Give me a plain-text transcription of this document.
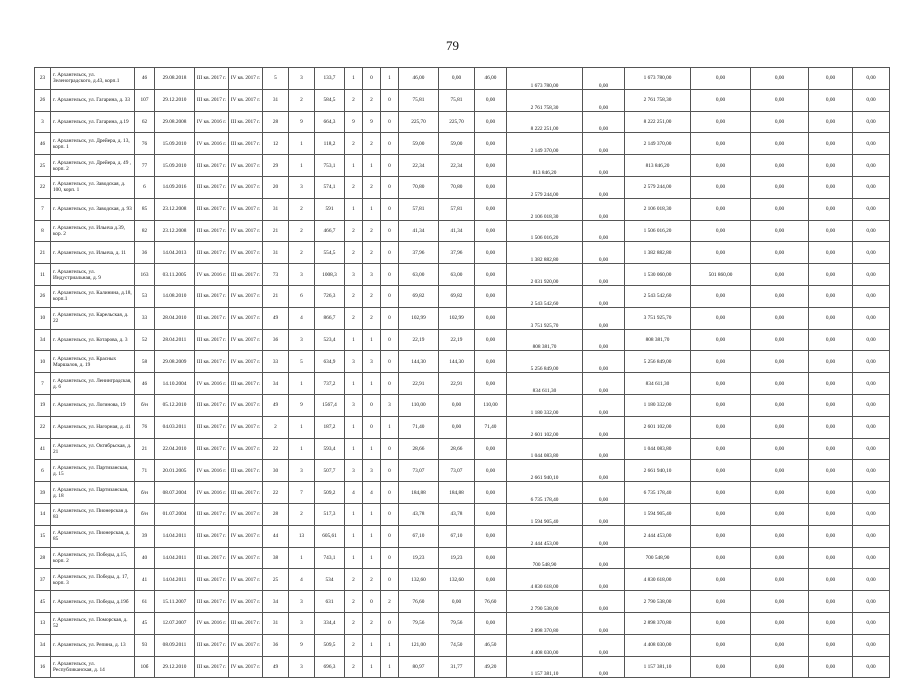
79
23	г. Архангельск, ул. Зеленоградского, д.43, корп.1	46	29.08.2018	III кв. 2017 г.	IV кв. 2017 г.	5	3	133,7	1	0	1	46,00	0,00	46,00	1 673 780,00	0,00	1 673 780,00	0,00	0,00	0,00	0,00
26	г. Архангельск, ул. Гагарина, д. 33	107	29.12.2010	III кв. 2017 г.	IV кв. 2017 г.	31	2	584,5	2	2	0	75,81	75,81	0,00	2 761 758,30	0,00	2 761 758,30	0,00	0,00	0,00	0,00
3	г. Архангельск, ул. Гагарина, д.19	62	29.08.2008	IV кв. 2016 г.	III кв. 2017 г.	28	9	664,3	9	9	0	225,70	225,70	0,00	8 222 251,00	0,00	8 222 251,00	0,00	0,00	0,00	0,00
46	г. Архангельск, ул. Дрейера, д. 13, корп. 1	76	15.09.2010	IV кв. 2016 г.	III кв. 2017 г.	12	1	118,2	2	2	0	59,00	59,00	0,00	2 149 370,00	0,00	2 149 370,00	0,00	0,00	0,00	0,00
25	г. Архангельск, ул. Дрейера, д. 49 , корп. 2	77	15.09.2010	III кв. 2017 г.	IV кв. 2017 г.	29	1	753,1	1	1	0	22,34	22,34	0,00	813 846,20	0,00	813 846,20	0,00	0,00	0,00	0,00
22	г. Архангельск, ул. Заводская, д. 100, корп. 1	6	14.09.2016	III кв. 2017 г.	IV кв. 2017 г.	20	3	574,1	2	2	0	70,80	70,80	0,00	2 579 244,00	0,00	2 579 244,00	0,00	0,00	0,00	0,00
7	г. Архангельск, ул. Заводская, д. 93	85	23.12.2008	III кв. 2017 г.	IV кв. 2017 г.	31	2	591	1	1	0	57,81	57,81	0,00	2 106 018,30	0,00	2 106 018,30	0,00	0,00	0,00	0,00
8	г. Архангельск, ул. Ильича д.39, кор. 2	82	23.12.2008	III кв. 2017 г.	IV кв. 2017 г.	21	2	466,7	2	2	0	41,34	41,34	0,00	1 506 016,20	0,00	1 506 016,20	0,00	0,00	0,00	0,00
21	г. Архангельск, ул. Ильича, д. 11	36	14.04.2013	III кв. 2017 г.	IV кв. 2017 г.	31	2	554,5	2	2	0	37,96	37,96	0,00	1 382 882,80	0,00	1 382 882,80	0,00	0,00	0,00	0,00
11	г. Архангельск, ул. Индустриальная, д. 9	163	03.11.2005	IV кв. 2016 г.	III кв. 2017 г.	73	3	1008,3	3	3	0	63,00	63,00	0,00	2 031 920,00	0,00	1 530 060,00	501 860,00	0,00	0,00	0,00
26	г. Архангельск, ул. Калинина, д.18, корп.1	53	14.08.2010	III кв. 2017 г.	IV кв. 2017 г.	21	6	726,3	2	2	0	69,82	69,82	0,00	2 543 542,60	0,00	2 543 542,60	0,00	0,00	0,00	0,00
10	г. Архангельск, ул. Карельская, д. 22	33	28.04.2010	III кв. 2017 г.	IV кв. 2017 г.	49	4	866,7	2	2	0	102,99	102,99	0,00	3 751 925,70	0,00	3 751 925,70	0,00	0,00	0,00	0,00
34	г. Архангельск, ул. Котарова, д. 3	52	28.04.2011	III кв. 2017 г.	IV кв. 2017 г.	36	3	523,4	1	1	0	22,19	22,19	0,00	808 381,70	0,00	808 381,70	0,00	0,00	0,00	0,00
10	г. Архангельск, ул. Красных Маршалов, д. 19	58	29.08.2009	III кв. 2017 г.	IV кв. 2017 г.	33	5	634,9	3	3	0	144,30	144,30	0,00	5 256 849,00	0,00	5 256 849,00	0,00	0,00	0,00	0,00
7	г. Архангельск, ул. Ленинградская, д. 6	46	14.10.2004	IV кв. 2016 г.	III кв. 2017 г.	34	1	737,2	1	1	0	22,91	22,91	0,00	834 611,30	0,00	834 611,30	0,00	0,00	0,00	0,00
19	г. Архангельск, ул. Логинова, 19	б/н	05.12.2010	III кв. 2017 г.	IV кв. 2017 г.	49	9	1567,4	3	0	3	110,00	0,00	110,00	1 180 332,00	0,00	1 180 332,00	0,00	0,00	0,00	0,00
22	г. Архангельск, ул. Нагорная, д. 41	76	04.03.2011	III кв. 2017 г.	IV кв. 2017 г.	2	1	187,2	1	0	1	71,40	0,00	71,40	2 601 102,00	0,00	2 601 102,00	0,00	0,00	0,00	0,00
41	г. Архангельск, ул. Октябрьская, д. 21	21	22.04.2010	III кв. 2017 г.	IV кв. 2017 г.	22	1	593,4	1	1	0	28,66	28,66	0,00	1 044 083,80	0,00	1 044 083,80	0,00	0,00	0,00	0,00
6	г. Архангельск, ул. Партизанская, д. 15	71	20.01.2005	IV кв. 2016 г.	III кв. 2017 г.	30	3	507,7	3	3	0	73,07	73,07	0,00	2 661 940,10	0,00	2 661 940,10	0,00	0,00	0,00	0,00
39	г. Архангельск, ул. Партизанская, д. 18	б/н	08.07.2004	IV кв. 2016 г.	III кв. 2017 г.	22	7	509,2	4	4	0	184,88	184,88	0,00	6 735 178,40	0,00	6 735 178,40	0,00	0,00	0,00	0,00
14	г. Архангельск, ул. Пионерская д. 83	б/н	01.07.2004	III кв. 2017 г.	IV кв. 2017 г.	28	2	517,3	1	1	0	43,78	43,78	0,00	1 594 905,40	0,00	1 594 905,40	0,00	0,00	0,00	0,00
15	г. Архангельск, ул. Пионерская, д. 85	39	14.04.2011	III кв. 2017 г.	IV кв. 2017 г.	44	13	605,61	1	1	0	67,10	67,10	0,00	2 444 453,00	0,00	2 444 453,00	0,00	0,00	0,00	0,00
28	г. Архангельск, ул. Победы, д.15, корп. 2	40	14.04.2011	III кв. 2017 г.	IV кв. 2017 г.	38	1	743,1	1	1	0	19,23	19,23	0,00	700 548,90	0,00	700 548,90	0,00	0,00	0,00	0,00
37	г. Архангельск, ул. Победы, д. 17, корп. 3	41	14.04.2011	III кв. 2017 г.	IV кв. 2017 г.	25	4	534	2	2	0	132,60	132,60	0,00	4 830 618,00	0,00	4 830 618,00	0,00	0,00	0,00	0,00
45	г. Архангельск, ул. Победы, д.19б	61	15.11.2007	III кв. 2017 г.	IV кв. 2017 г.	34	3	631	2	0	2	76,60	0,00	76,60	2 790 538,00	0,00	2 790 538,00	0,00	0,00	0,00	0,00
13	г. Архангельск, ул. Поморская, д. 52	45	12.07.2007	IV кв. 2016 г.	III кв. 2017 г.	31	3	334,4	2	2	0	79,56	79,56	0,00	2 898 370,80	0,00	2 898 370,80	0,00	0,00	0,00	0,00
34	г. Архангельск, ул. Репина, д. 13	93	08.09.2011	III кв. 2017 г.	IV кв. 2017 г.	36	9	509,5	2	1	1	121,00	74,50	46,50	4 408 030,00	0,00	4 408 030,00	0,00	0,00	0,00	0,00
16	г. Архангельск, ул. Республиканская, д. 14	10б	29.12.2010	III кв. 2017 г.	IV кв. 2017 г.	49	3	696,3	2	1	1	80,97	31,77	49,20	1 157 381,10	0,00	1 157 381,10	0,00	0,00	0,00	0,00
